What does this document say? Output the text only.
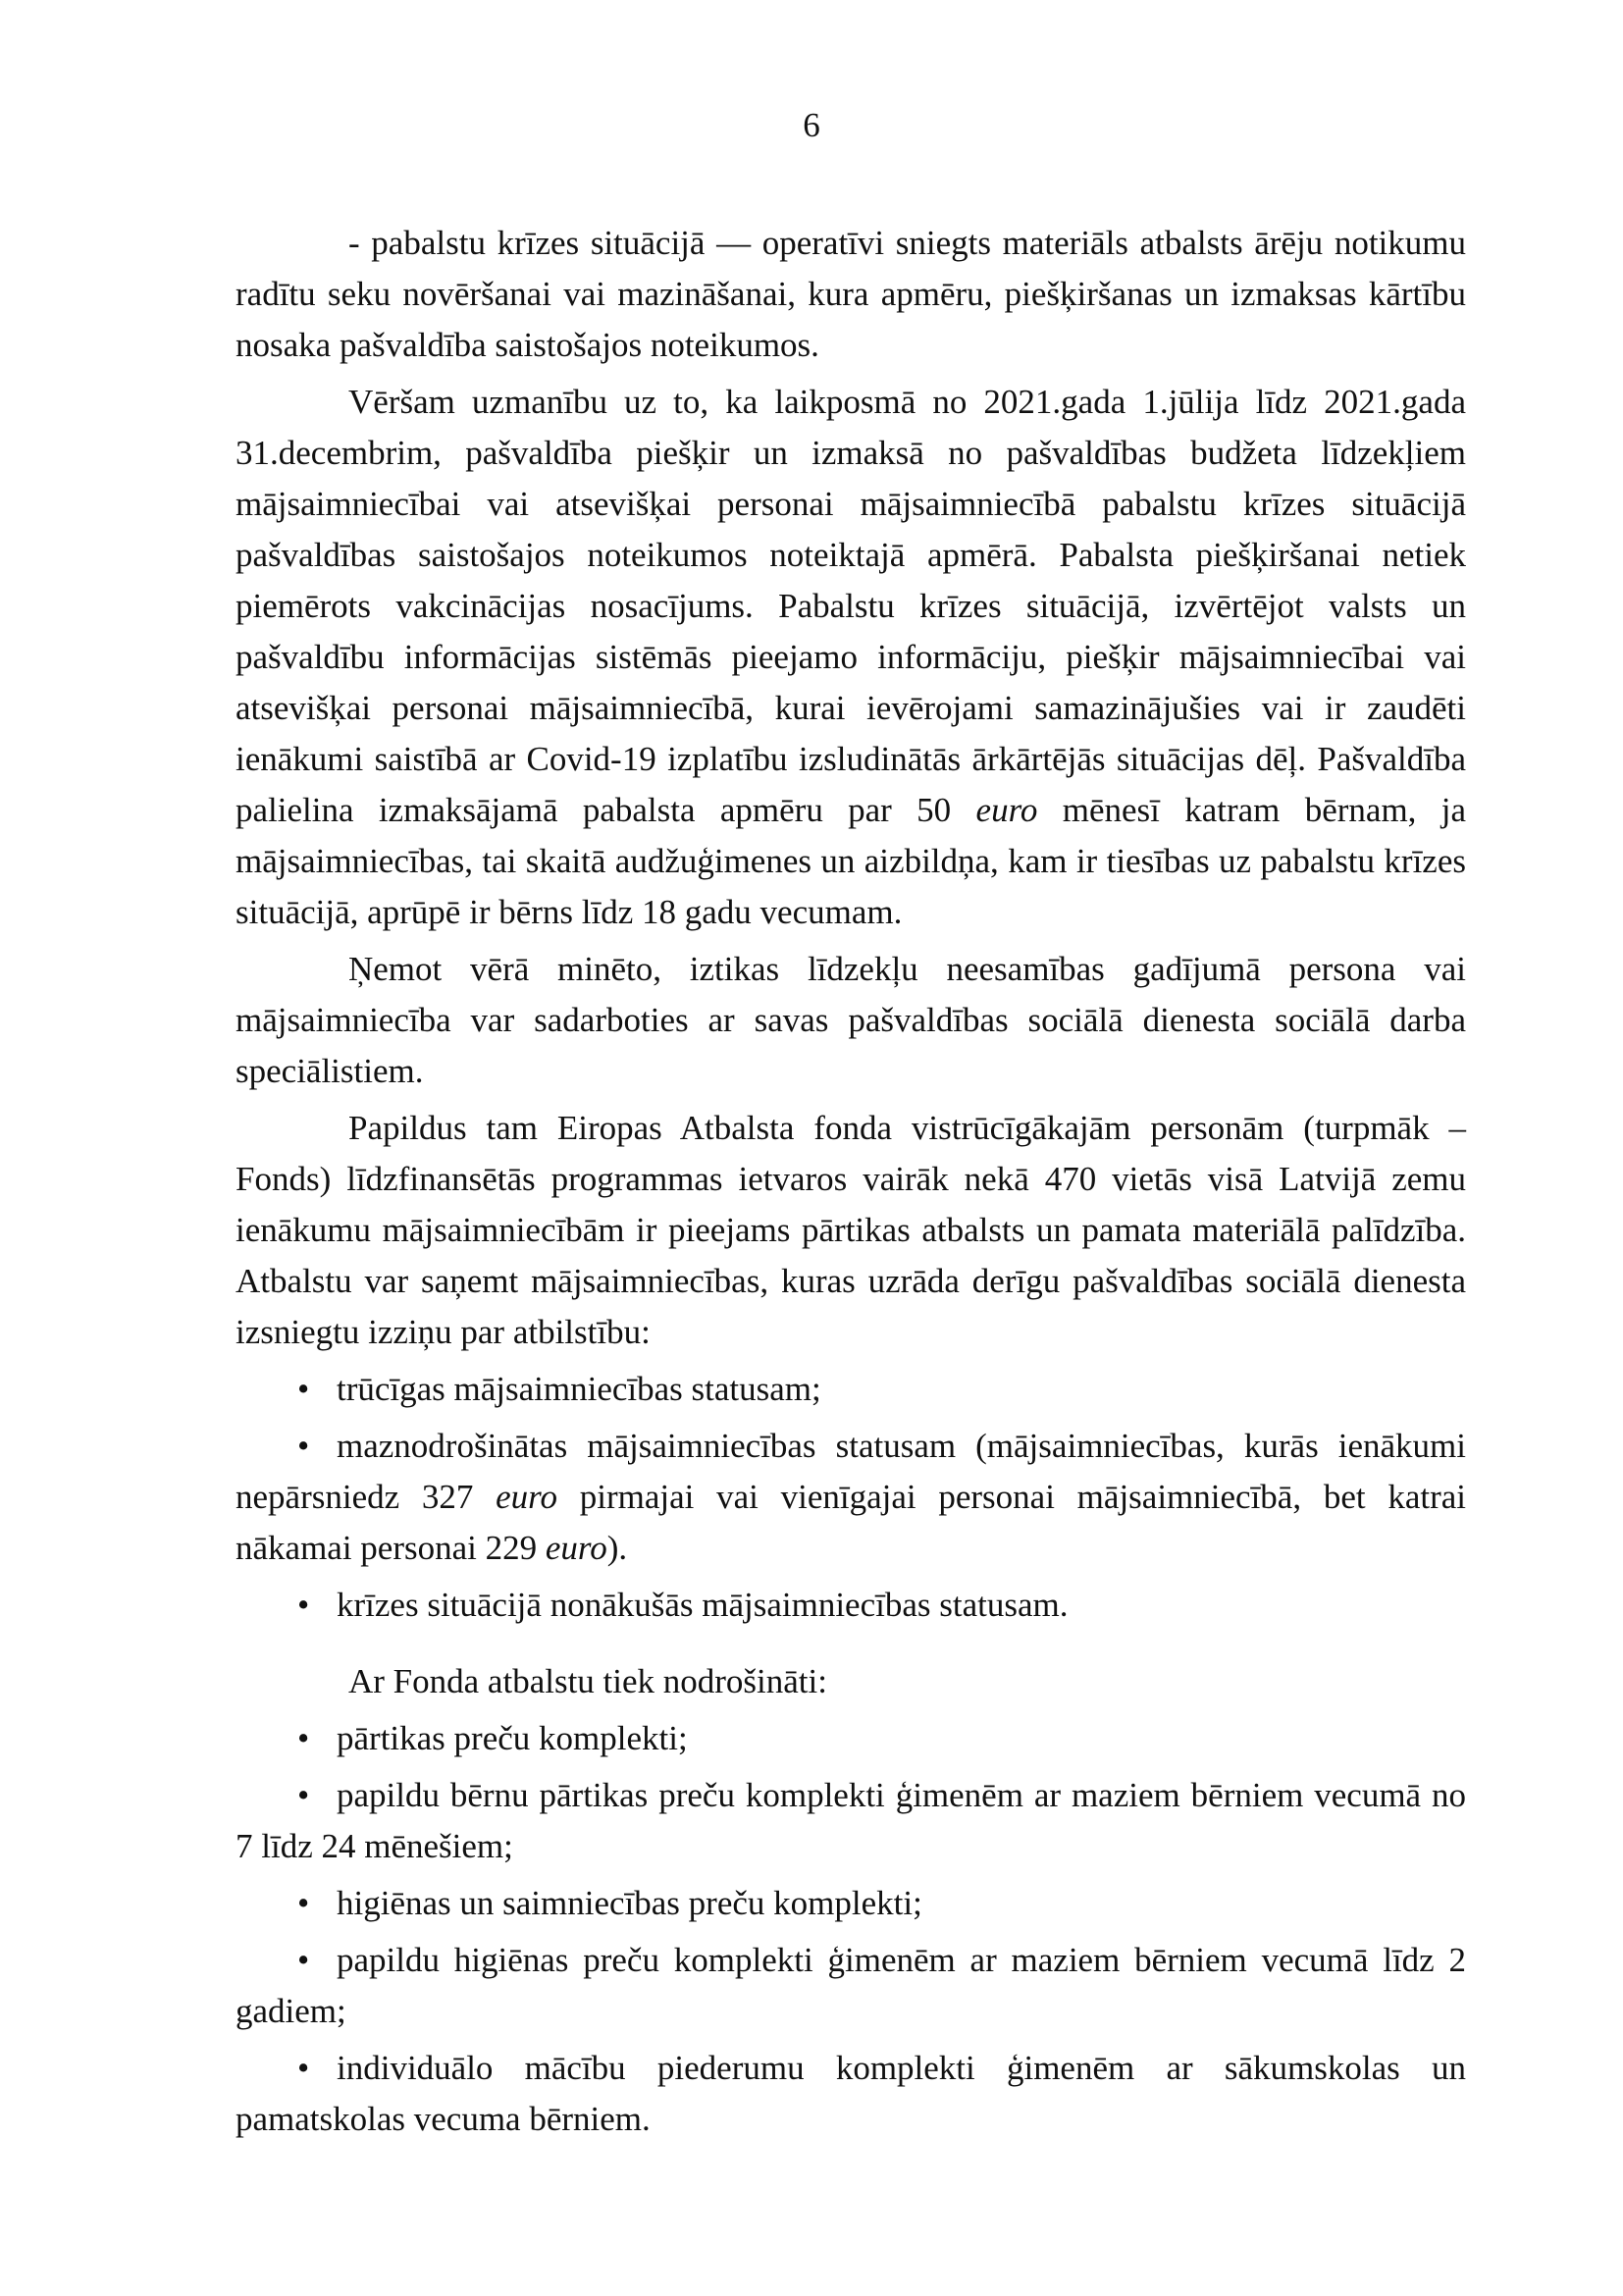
6

- pabalstu krīzes situācijā — operatīvi sniegts materiāls atbalsts ārēju notikumu radītu seku novēršanai vai mazināšanai, kura apmēru, piešķiršanas un izmaksas kārtību nosaka pašvaldība saistošajos noteikumos.

Vēršam uzmanību uz to, ka laikposmā no 2021.gada 1.jūlija līdz 2021.gada 31.decembrim, pašvaldība piešķir un izmaksā no pašvaldības budžeta līdzekļiem mājsaimniecībai vai atsevišķai personai mājsaimniecībā pabalstu krīzes situācijā pašvaldības saistošajos noteikumos noteiktajā apmērā. Pabalsta piešķiršanai netiek piemērots vakcinācijas nosacījums. Pabalstu krīzes situācijā, izvērtējot valsts un pašvaldību informācijas sistēmās pieejamo informāciju, piešķir mājsaimniecībai vai atsevišķai personai mājsaimniecībā, kurai ievērojami samazinājušies vai ir zaudēti ienākumi saistībā ar Covid-19 izplatību izsludinātās ārkārtējās situācijas dēļ. Pašvaldība palielina izmaksājamā pabalsta apmēru par 50 euro mēnesī katram bērnam, ja mājsaimniecības, tai skaitā audžuģimenes un aizbildņa, kam ir tiesības uz pabalstu krīzes situācijā, aprūpē ir bērns līdz 18 gadu vecumam.

Ņemot vērā minēto, iztikas līdzekļu neesamības gadījumā persona vai mājsaimniecība var sadarboties ar savas pašvaldības sociālā dienesta sociālā darba speciālistiem.

Papildus tam Eiropas Atbalsta fonda vistrūcīgākajām personām (turpmāk – Fonds) līdzfinansētās programmas ietvaros vairāk nekā 470 vietās visā Latvijā zemu ienākumu mājsaimniecībām ir pieejams pārtikas atbalsts un pamata materiālā palīdzība. Atbalstu var saņemt mājsaimniecības, kuras uzrāda derīgu pašvaldības sociālā dienesta izsniegtu izziņu par atbilstību:

• trūcīgas mājsaimniecības statusam;
• maznodrošinātas mājsaimniecības statusam (mājsaimniecības, kurās ienākumi nepārsniedz 327 euro pirmajai vai vienīgajai personai mājsaimniecībā, bet katrai nākamai personai 229 euro).
• krīzes situācijā nonākušās mājsaimniecības statusam.

Ar Fonda atbalstu tiek nodrošināti:

• pārtikas preču komplekti;
• papildu bērnu pārtikas preču komplekti ģimenēm ar maziem bērniem vecumā no 7 līdz 24 mēnešiem;
• higiēnas un saimniecības preču komplekti;
• papildu higiēnas preču komplekti ģimenēm ar maziem bērniem vecumā līdz 2 gadiem;
• individuālo mācību piederumu komplekti ģimenēm ar sākumskolas un pamatskolas vecuma bērniem.
